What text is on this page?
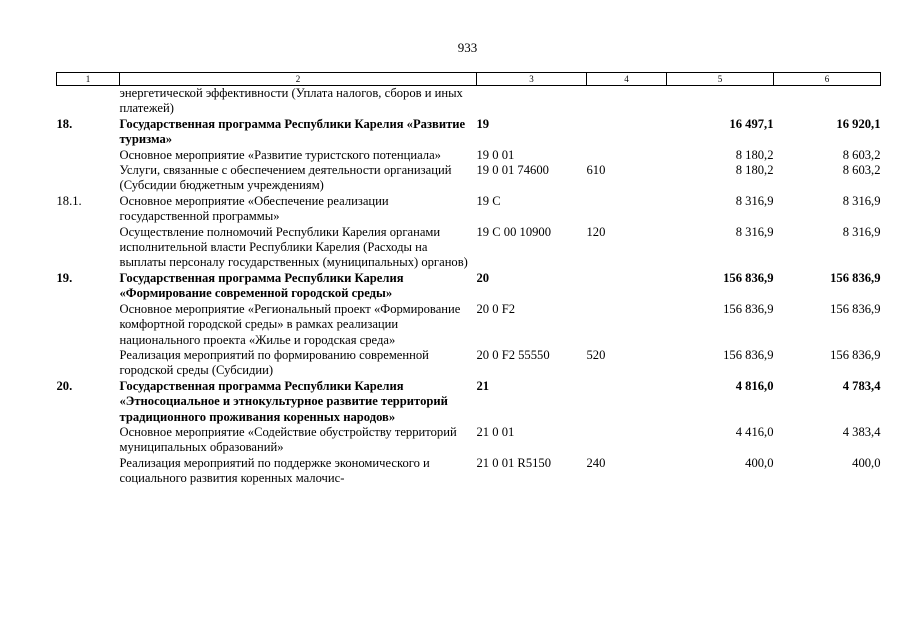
933
1	2	3	4	5	6
	энергетической эффективности (Уплата налогов, сборов и иных платежей)				
18.	Государственная программа Республики Карелия «Развитие туризма»	19		16 497,1	16 920,1
	Основное мероприятие «Развитие туристского потенциала»	19 0 01		8 180,2	8 603,2
	Услуги, связанные с обеспечением деятельности организаций (Субсидии бюджетным учреждениям)	19 0 01 74600	610	8 180,2	8 603,2
18.1.	Основное мероприятие «Обеспечение реализации государственной программы»	19 C		8 316,9	8 316,9
	Осуществление полномочий Республики Карелия органами исполнительной власти Республики Карелия (Расходы на выплаты персоналу государственных (муниципальных) органов)	19 C 00 10900	120	8 316,9	8 316,9
19.	Государственная программа Республики Карелия «Формирование современной городской среды»	20		156 836,9	156 836,9
	Основное мероприятие «Региональный проект «Формирование комфортной городской среды» в рамках реализации национального проекта «Жилье и городская среда»	20 0 F2		156 836,9	156 836,9
	Реализация мероприятий по формированию современной городской среды (Субсидии)	20 0 F2 55550	520	156 836,9	156 836,9
20.	Государственная программа Республики Карелия «Этносоциальное и этнокультурное развитие территорий традиционного проживания коренных народов»	21		4 816,0	4 783,4
	Основное мероприятие «Содействие обустройству территорий муниципальных образований»	21 0 01		4 416,0	4 383,4
	Реализация мероприятий по поддержке экономического и социального развития коренных малочис-	21 0 01 R5150	240	400,0	400,0
